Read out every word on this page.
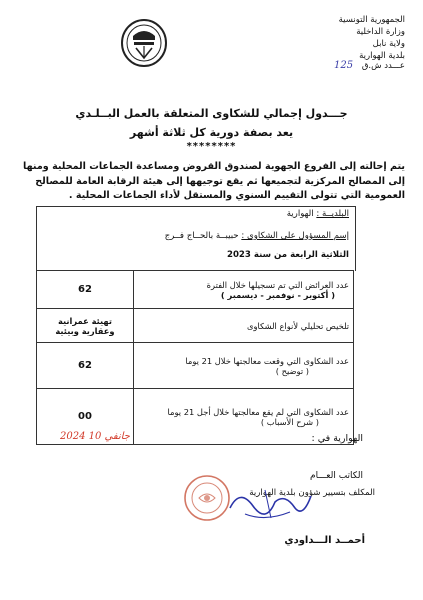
الجمهورية التونسية
وزارة الداخلية
ولاية نابل
بلدية الهوارية
عـــدد ش.ق 125
جـــدول إجمالي للشكاوى المتعلقة بالعمل البــلـدي
يعد بصفة دورية كل ثلاثة أشهر
********
يتم إحالته إلى الفروع الجهوية لصندوق القروض ومساعدة الجماعات المحلية ومنها إلى المصالح المركزية لتجميعها ثم يقع توجيهها إلى هيئة الرقابة العامة للمصالح العمومية التي تتولى التقييم السنوي والمستقل لأداء الجماعات المحلية .
البلديــة : الهوارية
إسم المسؤول على الشكاوى : حبيبــة بالحــاج فــرج
الثلاثية الرابعة من سنة 2023
عدد العرائض التي تم تسجيلها خلال الفترة
( أكتوبر - نوفمبر - ديسمبر )	62

تلخيص تحليلي لأنواع الشكاوى	تهيئة عمرانية وعقارية وبيئية

عدد الشكاوى التي وقعت معالجتها خلال 21 يوما
( توضيح )	62

عدد الشكاوى التي لم يقع معالجتها خلال أجل 21 يوما
( شرح الأسباب )	00
الهوارية في :
2024 جانفي 10
الكاتب العـــام
المكلف بتسيير شؤون بلدية الهوارية
أحمــد الـــداودي
